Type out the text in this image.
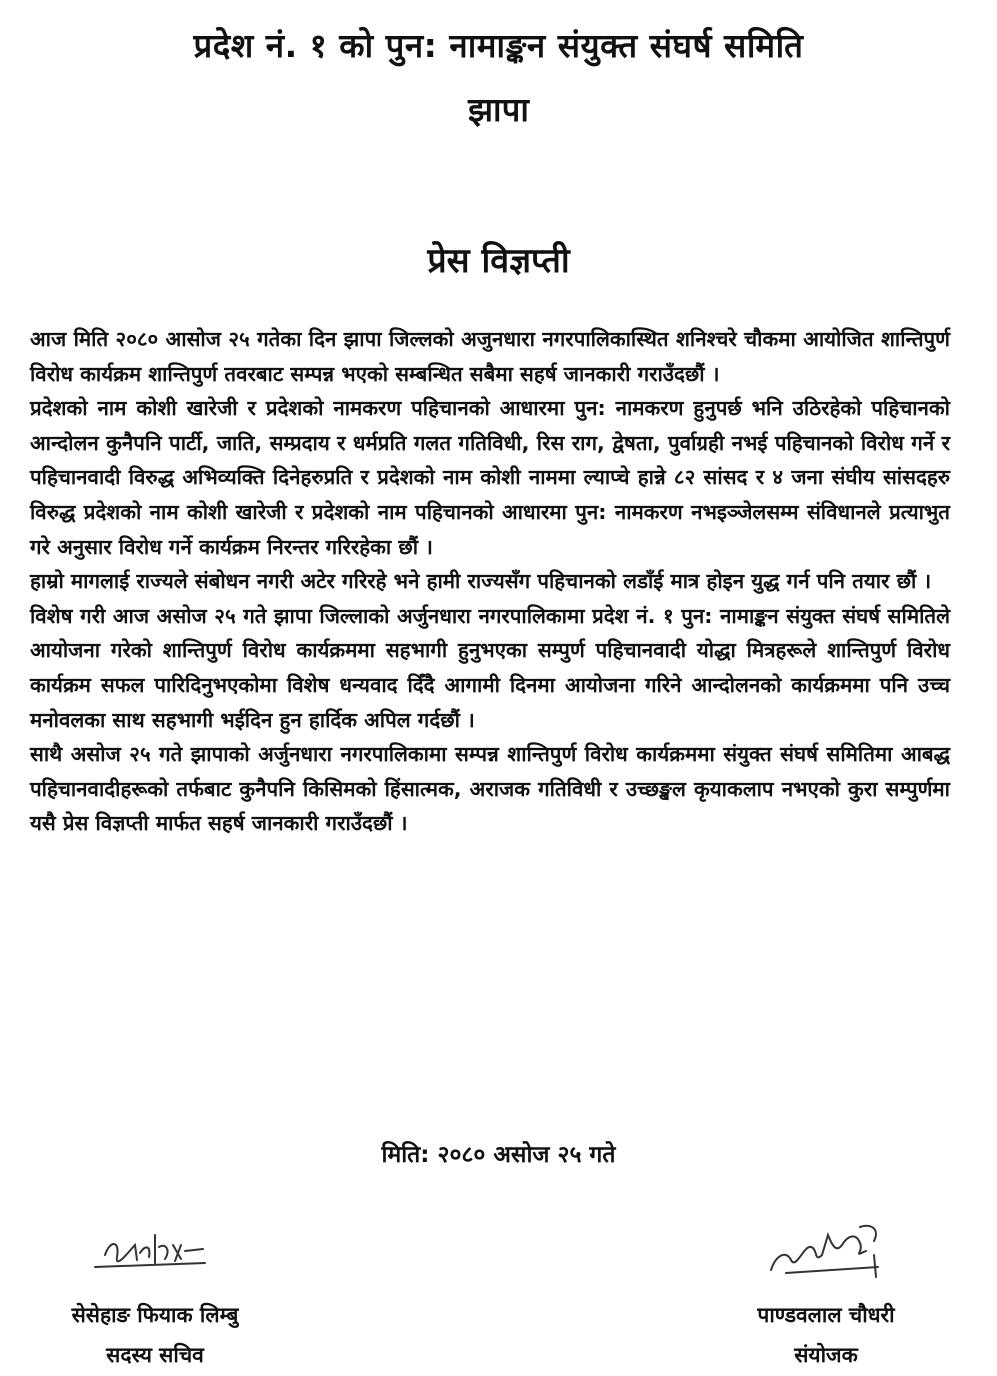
प्रदेश नं. १ को पुन: नामाङ्कन संयुक्त संघर्ष समिति
झापा
प्रेस विज्ञप्ती

आज मिति २०८० आसोज २५ गतेका दिन झापा जिल्लको अजुनधारा नगरपालिकास्थित शनिश्चरे चौकमा आयोजित शान्तिपुर्ण विरोध कार्यक्रम शान्तिपुर्ण तवरबाट सम्पन्न भएको सम्बन्धित सबैमा सहर्ष जानकारी गराउँदछौं ।

प्रदेशको नाम कोशी खारेजी र प्रदेशको नामकरण पहिचानको आधारमा पुन: नामकरण हुनुपर्छ भनि उठिरहेको पहिचानको आन्दोलन कुनैपनि पार्टी, जाति, सम्प्रदाय र धर्मप्रति गलत गतिविधी, रिस राग, द्वेषता, पुर्वाग्रही नभई पहिचानको विरोध गर्ने र पहिचानवादी विरुद्ध अभिव्यक्ति दिनेहरुप्रति र प्रदेशको नाम कोशी नाममा ल्याप्चे हान्ने ८२ सांसद र ४ जना संघीय सांसदहरु विरुद्ध प्रदेशको नाम कोशी खारेजी र प्रदेशको नाम पहिचानको आधारमा पुन: नामकरण नभइञ्जेलसम्म संविधानले प्रत्याभुत गरे अनुसार विरोध गर्ने कार्यक्रम निरन्तर गरिरहेका छौं ।

हाम्रो मागलाई राज्यले संबोधन नगरी अटेर गरिरहे भने हामी राज्यसँग पहिचानको लडाँई मात्र होइन युद्ध गर्न पनि तयार छौं ।

विशेष गरी आज असोज २५ गते झापा जिल्लाको अर्जुनधारा नगरपालिकामा प्रदेश नं. १ पुन: नामाङ्कन संयुक्त संघर्ष समितिले आयोजना गरेको शान्तिपुर्ण विरोध कार्यक्रममा सहभागी हुनुभएका सम्पुर्ण पहिचानवादी योद्धा मित्रहरूले शान्तिपुर्ण विरोध कार्यक्रम सफल पारिदिनुभएकोमा विशेष धन्यवाद दिँदै आगामी दिनमा आयोजना गरिने आन्दोलनको कार्यक्रममा पनि उच्च मनोवलका साथ सहभागी भईदिन हुन हार्दिक अपिल गर्दछौं ।

साथै असोज २५ गते झापाको अर्जुनधारा नगरपालिकामा सम्पन्न शान्तिपुर्ण विरोध कार्यक्रममा संयुक्त संघर्ष समितिमा आबद्ध पहिचानवादीहरूको तर्फबाट कुनैपनि किसिमको हिंसात्मक, अराजक गतिविधी र उच्छङ्खल कृयाकलाप नभएको कुरा सम्पुर्णमा यसै प्रेस विज्ञप्ती मार्फत सहर्ष जानकारी गराउँदछौं ।

मिति: २०८० असोज २५ गते
सेसेहाङ फियाक लिम्बु
सदस्य सचिव
पाण्डवलाल चौधरी
संयोजक
